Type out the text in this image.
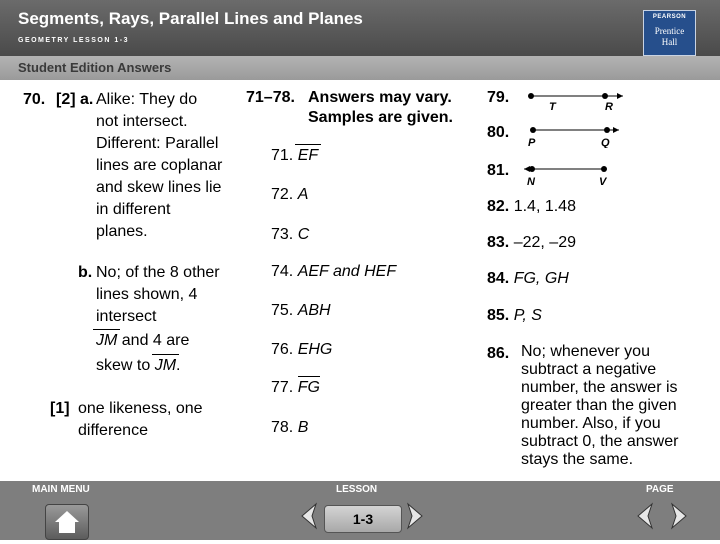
Segments, Rays, Parallel Lines and Planes
GEOMETRY LESSON 1-3
PEARSON
Prentice
Hall
Student Edition Answers
70. [2] a. Alike: They do
not intersect.
Different: Parallel
lines are coplanar
and skew lines lie
in different
planes.
b. No; of the 8 other
lines shown, 4
intersect
JM and 4 are
skew to JM.
[1] one likeness, one
difference
71–78. Answers may vary.
Samples are given.
71. EF
72. A
73. C
74. AEF and HEF
75. ABH
76. EHG
77. FG
78. B
79.
T	R
80.
P	Q
81.
N	V
82. 1.4, 1.48
83. –22, –29
84. FG, GH
85. P, S
86. No; whenever you
subtract a negative
number, the answer is
greater than the given
number. Also, if you
subtract 0, the answer
stays the same.
MAIN MENU	LESSON	PAGE
1-3
